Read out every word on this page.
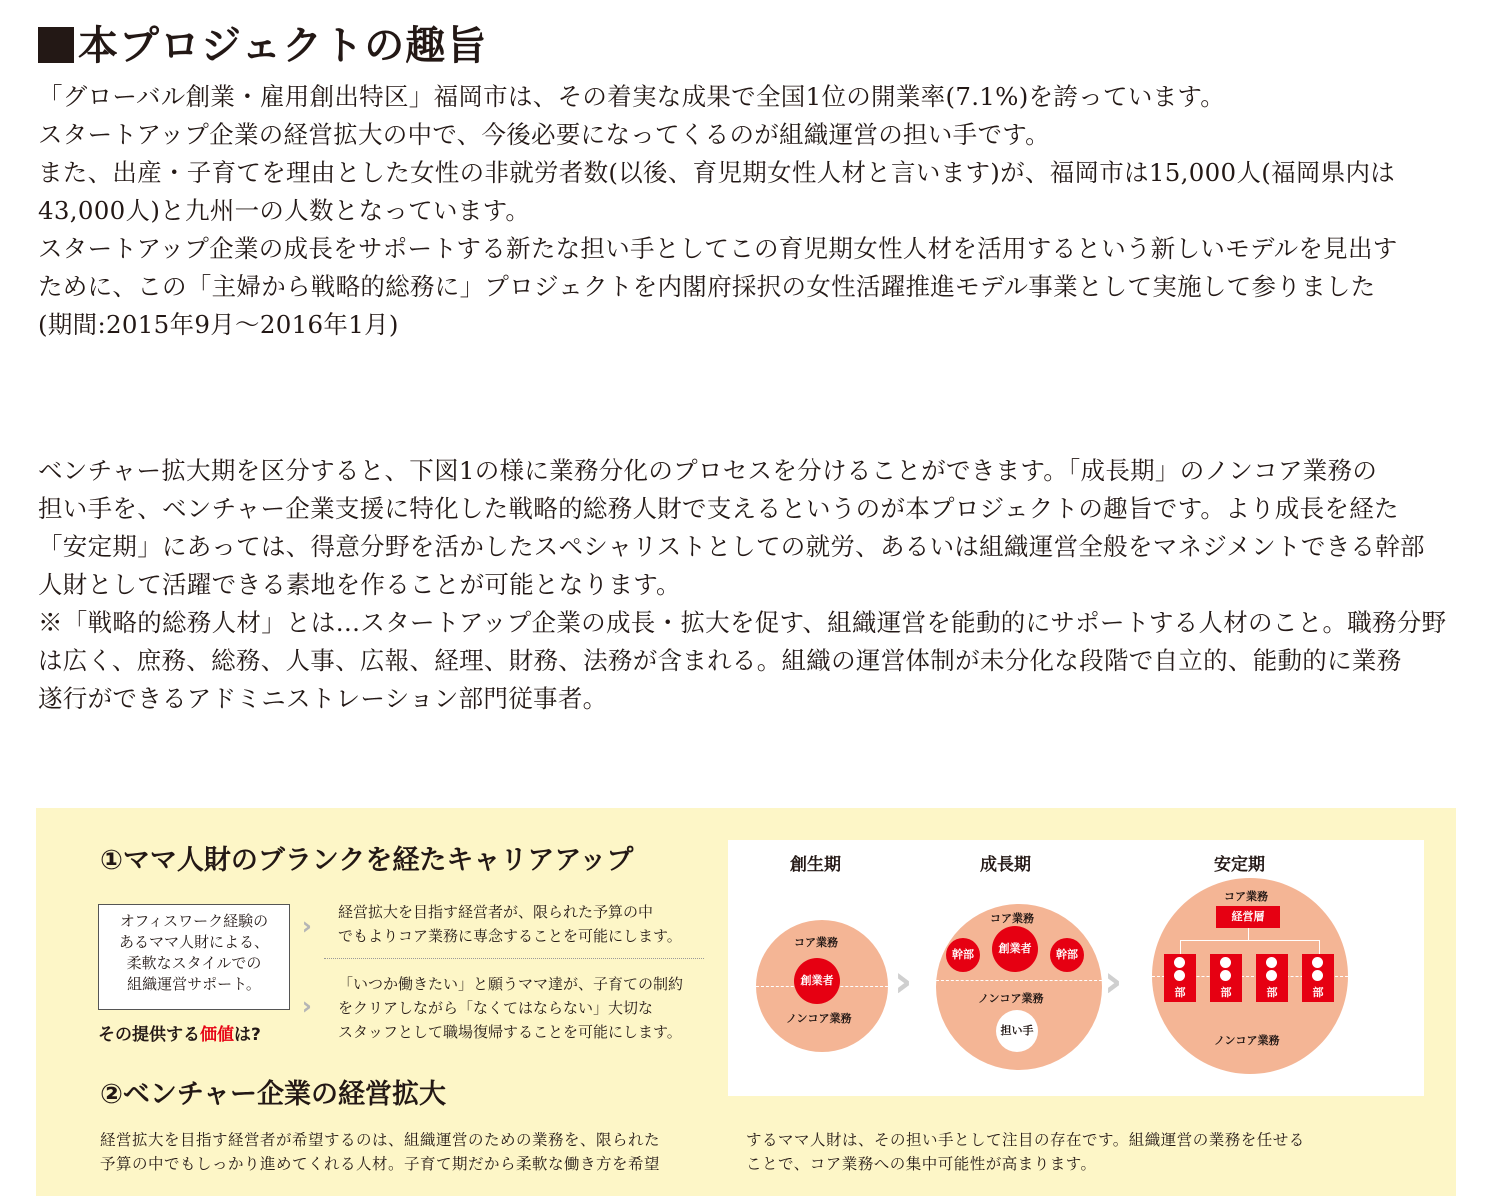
本プロジェクトの趣旨

「グローバル創業・雇用創出特区」福岡市は、その着実な成果で全国1位の開業率(7.1%)を誇っています。
スタートアップ企業の経営拡大の中で、今後必要になってくるのが組織運営の担い手です。
また、出産・子育てを理由とした女性の非就労者数(以後、育児期女性人材と言います)が、福岡市は15,000人(福岡県内は
43,000人)と九州一の人数となっています。
スタートアップ企業の成長をサポートする新たな担い手としてこの育児期女性人材を活用するという新しいモデルを見出す
ために、この「主婦から戦略的総務に」プロジェクトを内閣府採択の女性活躍推進モデル事業として実施して参りました
(期間:2015年9月〜2016年1月)

ベンチャー拡大期を区分すると、下図1の様に業務分化のプロセスを分けることができます。「成長期」のノンコア業務の
担い手を、ベンチャー企業支援に特化した戦略的総務人財で支えるというのが本プロジェクトの趣旨です。より成長を経た
「安定期」にあっては、得意分野を活かしたスペシャリストとしての就労、あるいは組織運営全般をマネジメントできる幹部
人財として活躍できる素地を作ることが可能となります。
※「戦略的総務人材」とは…スタートアップ企業の成長・拡大を促す、組織運営を能動的にサポートする人材のこと。職務分野
は広く、庶務、総務、人事、広報、経理、財務、法務が含まれる。組織の運営体制が未分化な段階で自立的、能動的に業務
遂行ができるアドミニストレーション部門従事者。

①ママ人財のブランクを経たキャリアアップ
オフィスワーク経験の
あるママ人財による、
柔軟なスタイルでの
組織運営サポート。
その提供する価値は?
経営拡大を目指す経営者が、限られた予算の中
でもよりコア業務に専念することを可能にします。
「いつか働きたい」と願うママ達が、子育ての制約
をクリアしながら「なくてはならない」大切な
スタッフとして職場復帰することを可能にします。
②ベンチャー企業の経営拡大
経営拡大を目指す経営者が希望するのは、組織運営のための業務を、限られた
予算の中でもしっかり進めてくれる人材。子育て期だから柔軟な働き方を希望
するママ人財は、その担い手として注目の存在です。組織運営の業務を任せる
ことで、コア業務への集中可能性が高まります。
創生期	成長期	安定期
コア業務
創業者
ノンコア業務
››
コア業務
創業者
幹部	幹部
ノンコア業務
担い手
››
コア業務
経営層
部	部	部	部
ノンコア業務
